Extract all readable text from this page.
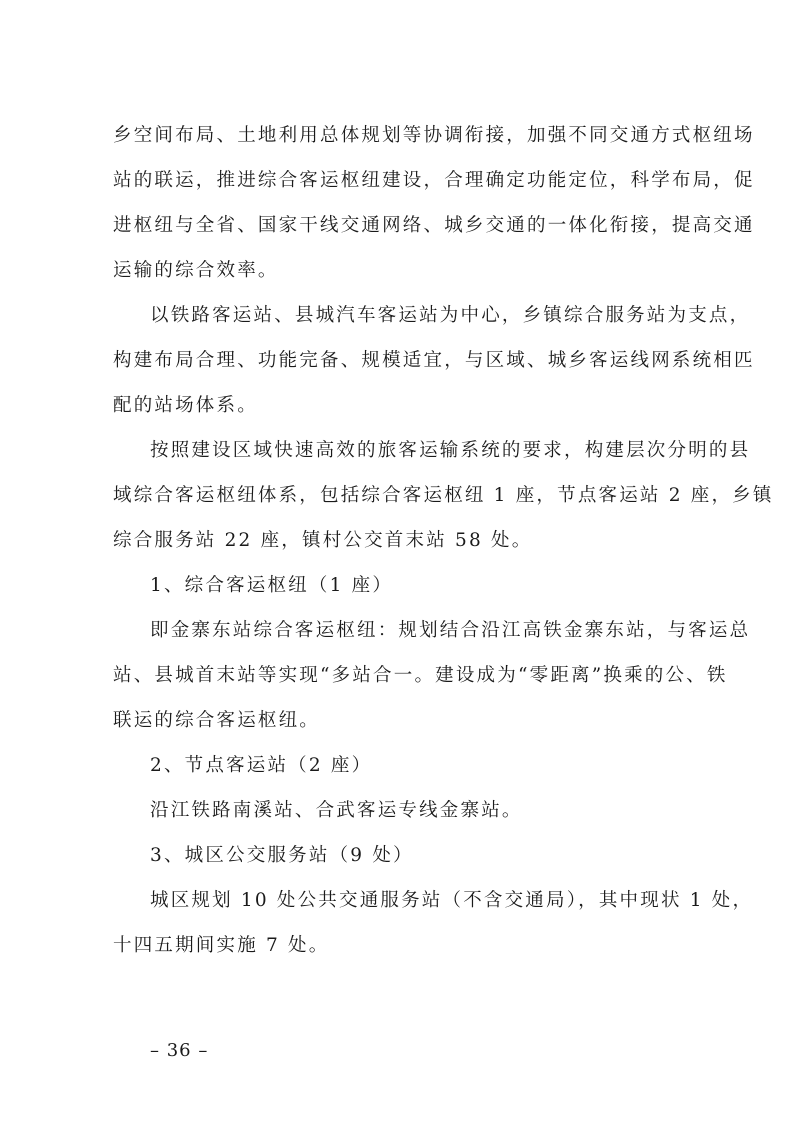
乡空间布局、土地利用总体规划等协调衔接，加强不同交通方式枢纽场
站的联运，推进综合客运枢纽建设，合理确定功能定位，科学布局，促
进枢纽与全省、国家干线交通网络、城乡交通的一体化衔接，提高交通
运输的综合效率。
以铁路客运站、县城汽车客运站为中心，乡镇综合服务站为支点，
构建布局合理、功能完备、规模适宜，与区域、城乡客运线网系统相匹
配的站场体系。
按照建设区域快速高效的旅客运输系统的要求，构建层次分明的县
域综合客运枢纽体系，包括综合客运枢纽 1 座，节点客运站 2 座，乡镇
综合服务站 22 座，镇村公交首末站 58 处。
1、综合客运枢纽（1 座）
即金寨东站综合客运枢纽：规划结合沿江高铁金寨东站，与客运总
站、县城首末站等实现“多站合一。建设成为“零距离”换乘的公、铁
联运的综合客运枢纽。
2、节点客运站（2 座）
沿江铁路南溪站、合武客运专线金寨站。
3、城区公交服务站（9 处）
城区规划 10 处公共交通服务站（不含交通局），其中现状 1 处，
十四五期间实施 7 处。
– 36 –
